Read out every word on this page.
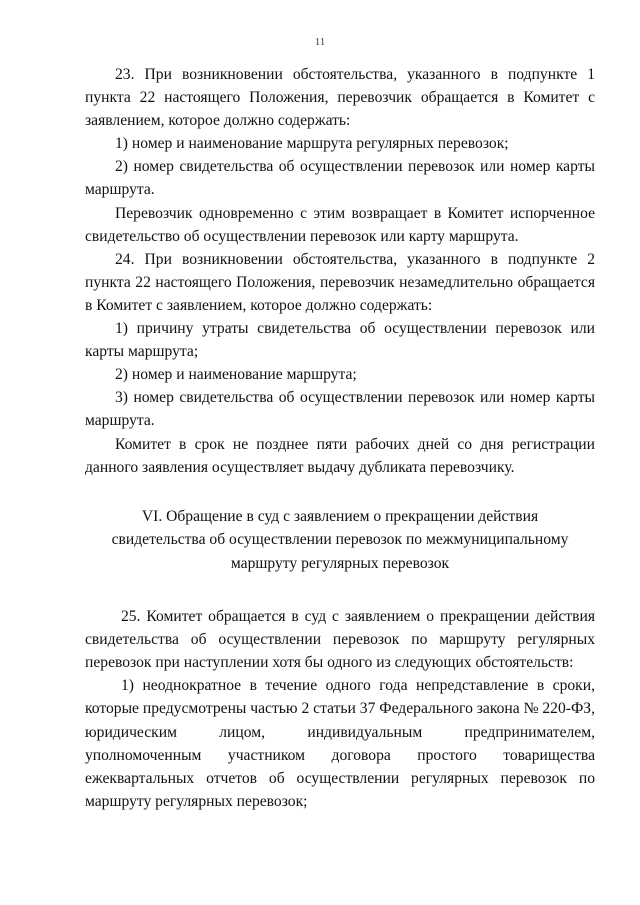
11

23. При возникновении обстоятельства, указанного в подпункте 1 пункта 22 настоящего Положения, перевозчик обращается в Комитет с заявлением, которое должно содержать:

1) номер и наименование маршрута регулярных перевозок;

2) номер свидетельства об осуществлении перевозок или номер карты маршрута.

Перевозчик одновременно с этим возвращает в Комитет испорченное свидетельство об осуществлении перевозок или карту маршрута.

24. При возникновении обстоятельства, указанного в подпункте 2 пункта 22 настоящего Положения, перевозчик незамедлительно обращается в Комитет с заявлением, которое должно содержать:

1) причину утраты свидетельства об осуществлении перевозок или карты маршрута;

2) номер и наименование маршрута;

3) номер свидетельства об осуществлении перевозок или номер карты маршрута.

Комитет в срок не позднее пяти рабочих дней со дня регистрации данного заявления осуществляет выдачу дубликата перевозчику.

VI. Обращение в суд с заявлением о прекращении действия
свидетельства об осуществлении перевозок по межмуниципальному
маршруту регулярных перевозок

25. Комитет обращается в суд с заявлением о прекращении действия свидетельства об осуществлении перевозок по маршруту регулярных перевозок при наступлении хотя бы одного из следующих обстоятельств:

1) неоднократное в течение одного года непредставление в сроки, которые предусмотрены частью 2 статьи 37 Федерального закона № 220-ФЗ, юридическим лицом, индивидуальным предпринимателем, уполномоченным участником договора простого товарищества ежеквартальных отчетов об осуществлении регулярных перевозок по маршруту регулярных перевозок;
